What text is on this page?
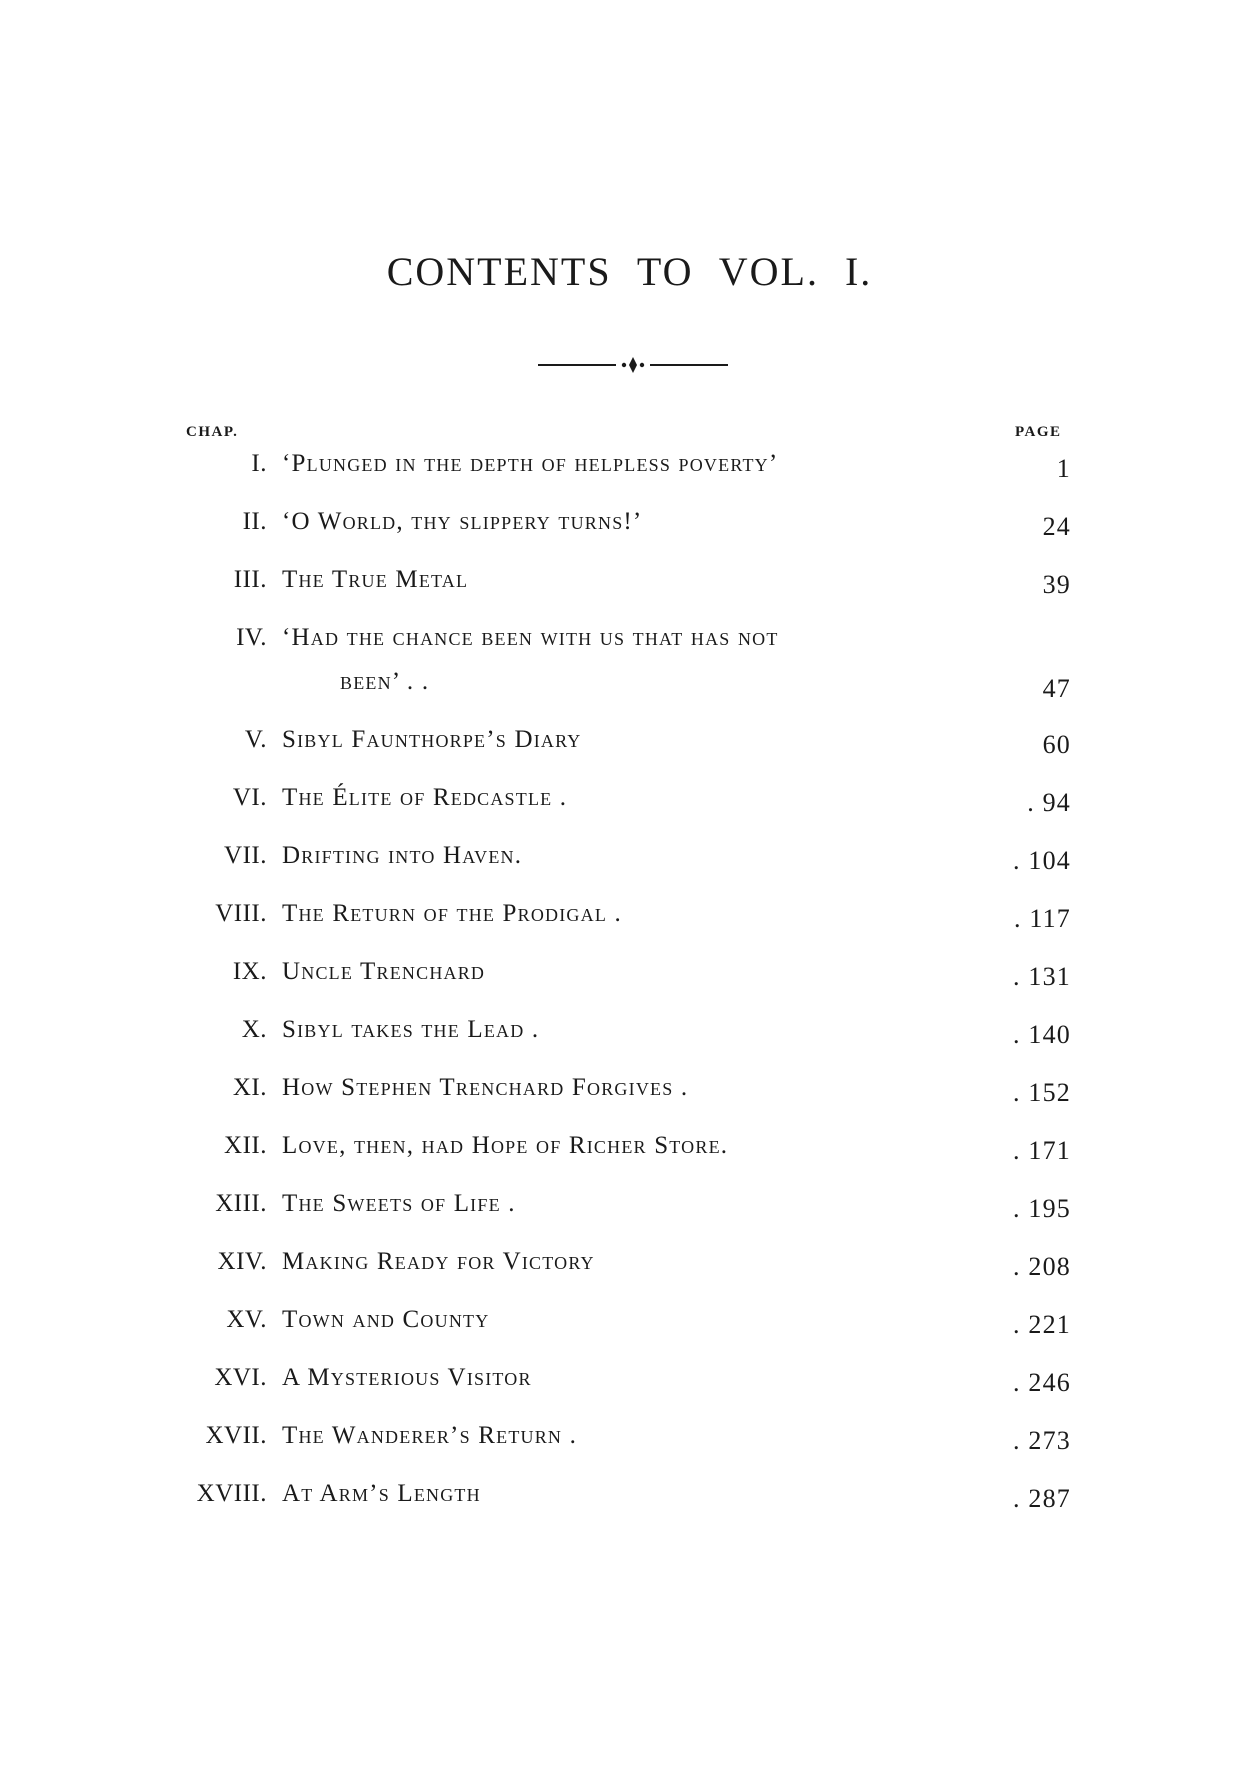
CONTENTS TO VOL. I.
CHAP.	PAGE
I. ‘Plunged in the depth of helpless poverty’	1
II. ‘O World, thy slippery turns!’	24
III. The True Metal	39
IV. ‘Had the chance been with us that has not
been’ . .	47
V. Sibyl Faunthorpe’s Diary	60
VI. The Élite of Redcastle .	. 94
VII. Drifting into Haven.	. 104
VIII. The Return of the Prodigal .	. 117
IX. Uncle Trenchard	. 131
X. Sibyl takes the Lead .	. 140
XI. How Stephen Trenchard Forgives .	. 152
XII. Love, then, had Hope of Richer Store.	. 171
XIII. The Sweets of Life .	. 195
XIV. Making Ready for Victory	. 208
XV. Town and County	. 221
XVI. A Mysterious Visitor	. 246
XVII. The Wanderer’s Return .	. 273
XVIII. At Arm’s Length	. 287
